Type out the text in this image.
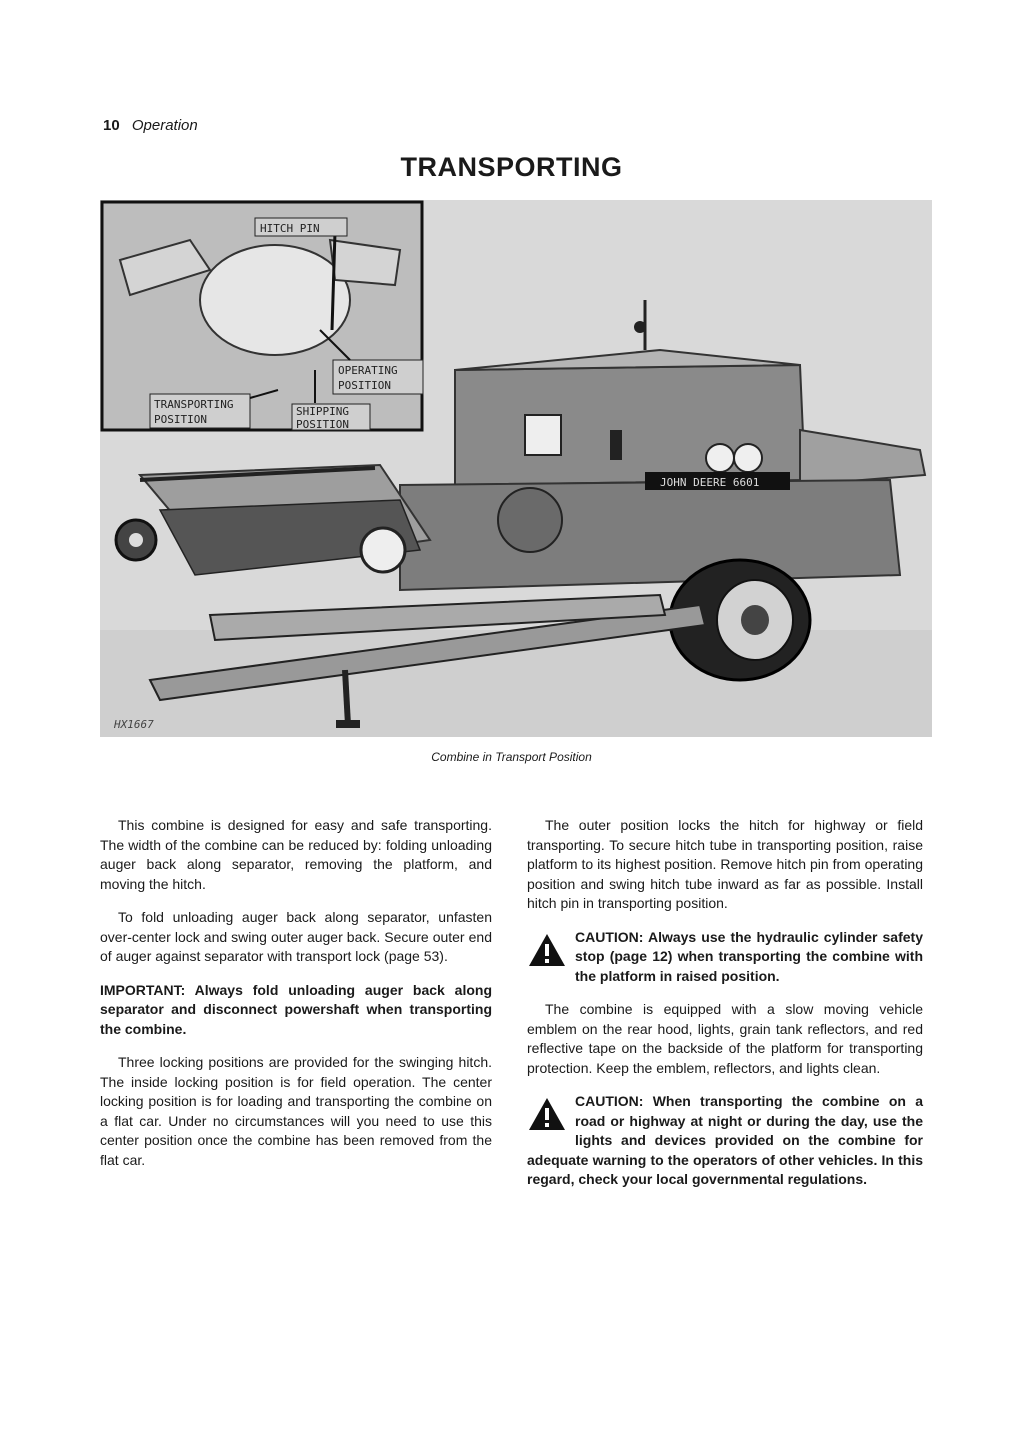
10 Operation
TRANSPORTING
JOHN DEERE 6601
HITCH PIN
OPERATING
POSITION
TRANSPORTING
POSITION
SHIPPING
POSITION
HX1667
Combine in Transport Position

This combine is designed for easy and safe transporting. The width of the combine can be reduced by: folding unloading auger back along separator, removing the platform, and moving the hitch.

To fold unloading auger back along separator, unfasten over-center lock and swing outer auger back. Secure outer end of auger against separator with transport lock (page 53).

IMPORTANT: Always fold unloading auger back along separator and disconnect powershaft when transporting the combine.

Three locking positions are provided for the swinging hitch. The inside locking position is for field operation. The center locking position is for loading and transporting the combine on a flat car. Under no circumstances will you need to use this center position once the combine has been removed from the flat car.

The outer position locks the hitch for highway or field transporting. To secure hitch tube in transporting position, raise platform to its highest position. Remove hitch pin from operating position and swing hitch tube inward as far as possible. Install hitch pin in transporting position.

CAUTION: Always use the hydraulic cylinder safety stop (page 12) when transporting the combine with the platform in raised position.

The combine is equipped with a slow moving vehicle emblem on the rear hood, lights, grain tank reflectors, and red reflective tape on the backside of the platform for transporting protection. Keep the emblem, reflectors, and lights clean.

CAUTION: When transporting the combine on a road or highway at night or during the day, use the lights and devices provided on the combine for adequate warning to the operators of other vehicles. In this regard, check your local governmental regulations.
